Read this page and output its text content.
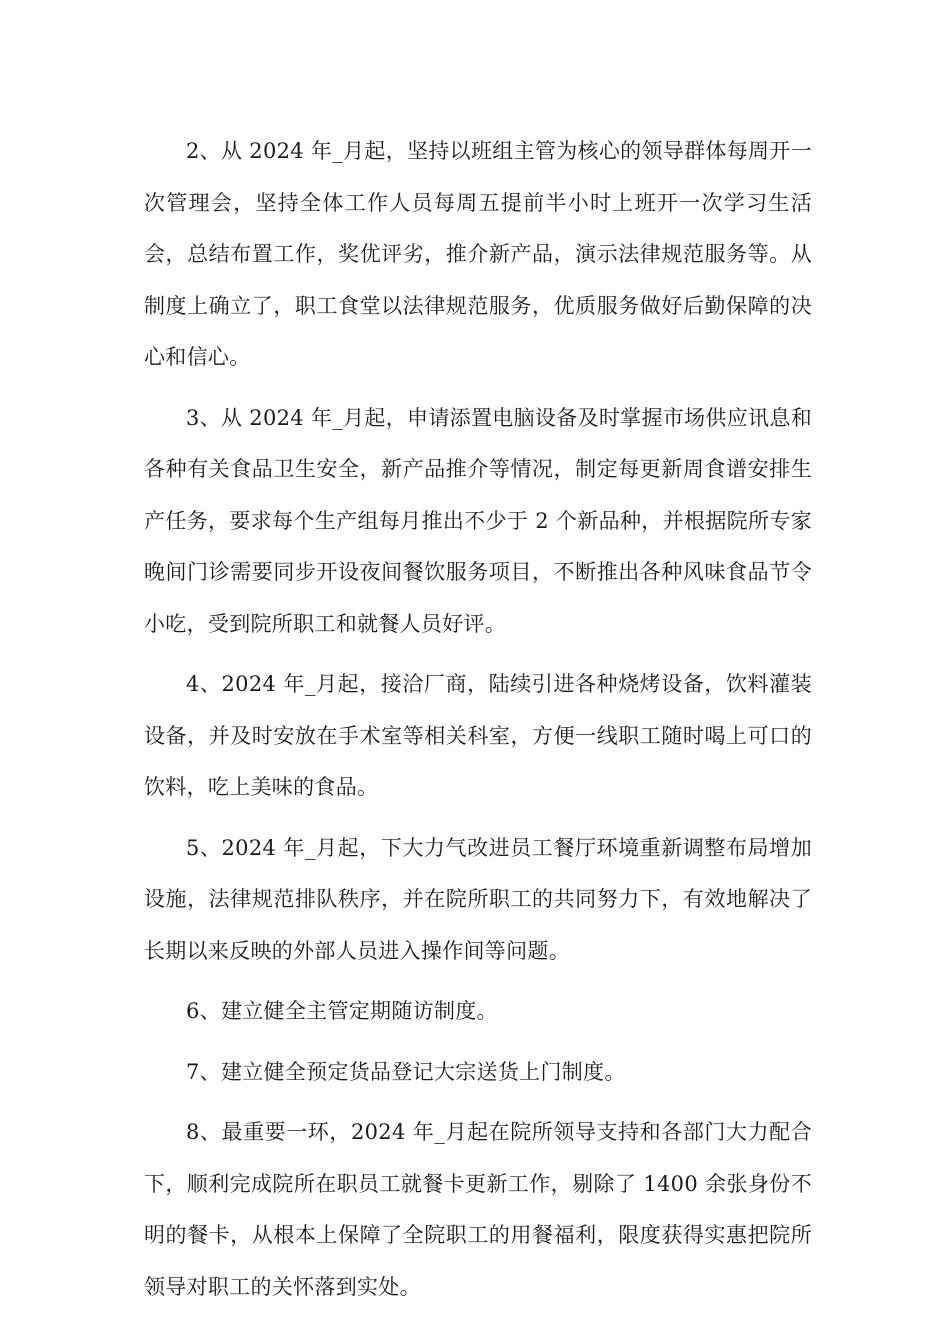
2、从 2024 年_月起，坚持以班组主管为核心的领导群体每周开一次管理会，坚持全体工作人员每周五提前半小时上班开一次学习生活会，总结布置工作，奖优评劣，推介新产品，演示法律规范服务等。从制度上确立了，职工食堂以法律规范服务，优质服务做好后勤保障的决心和信心。

3、从 2024 年_月起，申请添置电脑设备及时掌握市场供应讯息和各种有关食品卫生安全，新产品推介等情况，制定每更新周食谱安排生产任务，要求每个生产组每月推出不少于 2 个新品种，并根据院所专家晚间门诊需要同步开设夜间餐饮服务项目，不断推出各种风味食品节令小吃，受到院所职工和就餐人员好评。

4、2024 年_月起，接洽厂商，陆续引进各种烧烤设备，饮料灌装设备，并及时安放在手术室等相关科室，方便一线职工随时喝上可口的饮料，吃上美味的食品。

5、2024 年_月起，下大力气改进员工餐厅环境重新调整布局增加设施，法律规范排队秩序，并在院所职工的共同努力下，有效地解决了长期以来反映的外部人员进入操作间等问题。

6、建立健全主管定期随访制度。

7、建立健全预定货品登记大宗送货上门制度。

8、最重要一环，2024 年_月起在院所领导支持和各部门大力配合下，顺利完成院所在职员工就餐卡更新工作，剔除了 1400 余张身份不明的餐卡，从根本上保障了全院职工的用餐福利，限度获得实惠把院所领导对职工的关怀落到实处。
